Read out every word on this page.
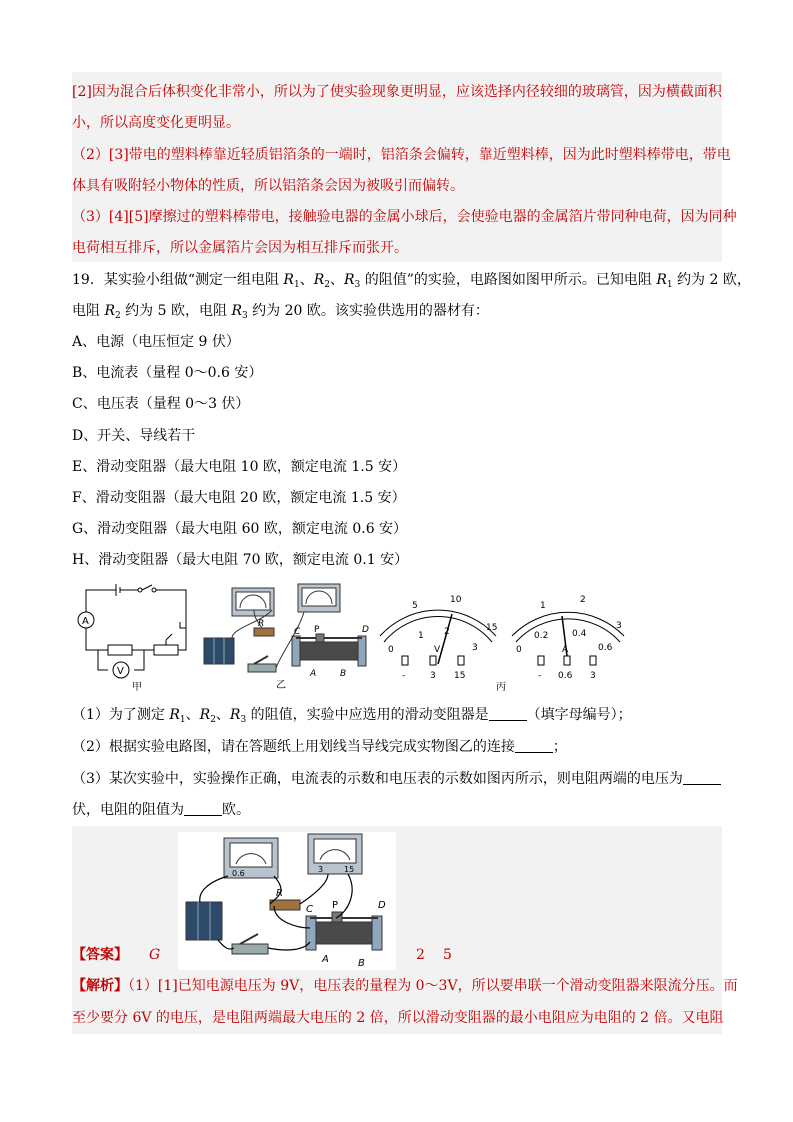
[2]因为混合后体积变化非常小，所以为了使实验现象更明显，应该选择内径较细的玻璃管，因为横截面积
小，所以高度变化更明显。
（2）[3]带电的塑料棒靠近轻质铝箔条的一端时，铝箔条会偏转，靠近塑料棒，因为此时塑料棒带电，带电
体具有吸附轻小物体的性质，所以铝箔条会因为被吸引而偏转。
（3）[4][5]摩擦过的塑料棒带电，接触验电器的金属小球后，会使验电器的金属箔片带同种电荷，因为同种
电荷相互排斥，所以金属箔片会因为相互排斥而张开。
19．某实验小组做“测定一组电阻 $R_1$、$R_2$、$R_3$ 的阻值”的实验，电路图如图甲所示。已知电阻 $R_1$ 约为 2 欧，
电阻 $R_2$ 约为 5 欧，电阻 $R_3$ 约为 20 欧。该实验供选用的器材有：
A、电源（电压恒定 9 伏）
B、电流表（量程 0～0.6 安）
C、电压表（量程 0～3 伏）
D、开关、导线若干
E、滑动变阻器（最大电阻 10 欧，额定电流 1.5 安）
F、滑动变阻器（最大电阻 20 欧，额定电流 1.5 安）
G、滑动变阻器（最大电阻 60 欧，额定电流 0.6 安）
H、滑动变阻器（最大电阻 70 欧，额定电流 0.1 安）
A
V
甲
R
C P	D
A	B
乙
5
10
15
0
1 2
3
V
-	3 15
1
2
3
0
0.2	0.4
0.6
A
- 0.6 3
丙
（1）为了测定 $R_1$、$R_2$、$R_3$ 的阻值，实验中应选用的滑动变阻器是	（填字母编号）；
（2）根据实验电路图，请在答题纸上用划线当导线完成实物图乙的连接	；
（3）某次实验中，实验操作正确，电流表的示数和电压表的示数如图丙所示，则电阻两端的电压为
伏，电阻的阻值为	欧。
0.6	3	15
R
C P	D
A	B
【答案】 G	2 5
【解析】（1）[1]已知电源电压为 9V，电压表的量程为 0～3V，所以要串联一个滑动变阻器来限流分压。而
至少要分 6V 的电压，是电阻两端最大电压的 2 倍，所以滑动变阻器的最小电阻应为电阻的 2 倍。又电阻
